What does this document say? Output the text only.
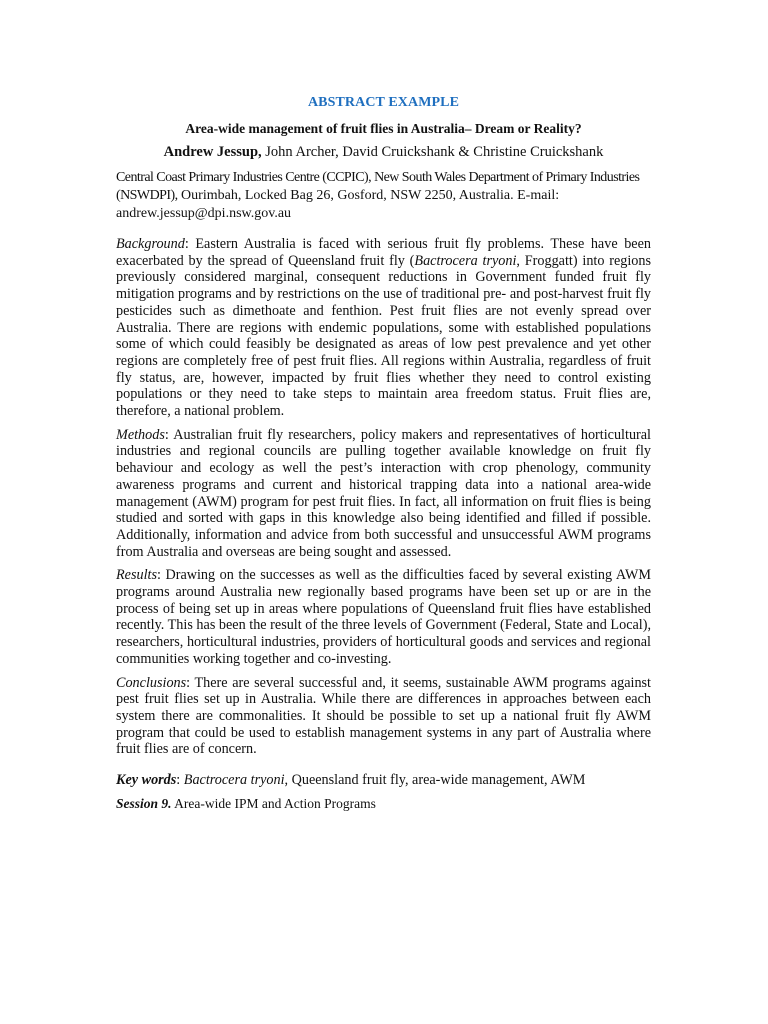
ABSTRACT EXAMPLE
Area-wide management of fruit flies in Australia– Dream or Reality?
Andrew Jessup, John Archer, David Cruickshank & Christine Cruickshank
Central Coast Primary Industries Centre (CCPIC), New South Wales Department of Primary Industries (NSWDPI), Ourimbah, Locked Bag 26, Gosford, NSW 2250, Australia. E-mail: andrew.jessup@dpi.nsw.gov.au

Background: Eastern Australia is faced with serious fruit fly problems. These have been exacerbated by the spread of Queensland fruit fly (Bactrocera tryoni, Froggatt) into regions previously considered marginal, consequent reductions in Government funded fruit fly mitigation programs and by restrictions on the use of traditional pre- and post-harvest fruit fly pesticides such as dimethoate and fenthion. Pest fruit flies are not evenly spread over Australia. There are regions with endemic populations, some with established populations some of which could feasibly be designated as areas of low pest prevalence and yet other regions are completely free of pest fruit flies. All regions within Australia, regardless of fruit fly status, are, however, impacted by fruit flies whether they need to control existing populations or they need to take steps to maintain area freedom status. Fruit flies are, therefore, a national problem.

Methods: Australian fruit fly researchers, policy makers and representatives of horticultural industries and regional councils are pulling together available knowledge on fruit fly behaviour and ecology as well the pest’s interaction with crop phenology, community awareness programs and current and historical trapping data into a national area-wide management (AWM) program for pest fruit flies. In fact, all information on fruit flies is being studied and sorted with gaps in this knowledge also being identified and filled if possible. Additionally, information and advice from both successful and unsuccessful AWM programs from Australia and overseas are being sought and assessed.

Results: Drawing on the successes as well as the difficulties faced by several existing AWM programs around Australia new regionally based programs have been set up or are in the process of being set up in areas where populations of Queensland fruit flies have established recently. This has been the result of the three levels of Government (Federal, State and Local), researchers, horticultural industries, providers of horticultural goods and services and regional communities working together and co-investing.

Conclusions: There are several successful and, it seems, sustainable AWM programs against pest fruit flies set up in Australia. While there are differences in approaches between each system there are commonalities. It should be possible to set up a national fruit fly AWM program that could be used to establish management systems in any part of Australia where fruit flies are of concern.

Key words: Bactrocera tryoni, Queensland fruit fly, area-wide management, AWM

Session 9. Area-wide IPM and Action Programs
